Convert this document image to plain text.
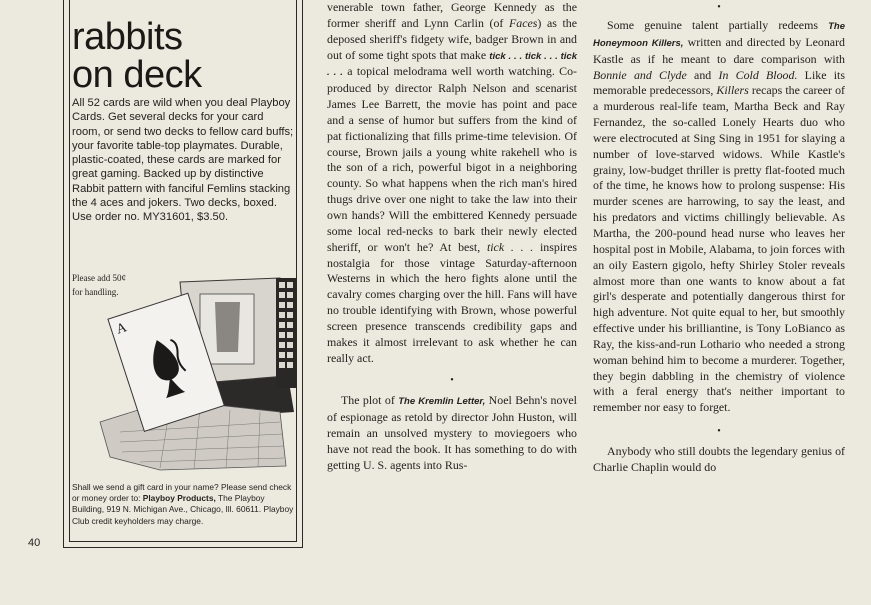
rabbits
on deck
All 52 cards are wild when you deal Playboy Cards. Get several decks for your card room, or send two decks to fellow card buffs; your favorite table-top playmates. Durable, plastic-coated, these cards are marked for great gaming. Backed up by distinctive Rabbit pattern with fanciful Femlins stacking the 4 aces and jokers. Two decks, boxed. Use order no. MY31601, $3.50.
Please add 50¢
for handling.
Shall we send a gift card in your name? Please send check or money order to: Playboy Products, The Playboy Building, 919 N. Michigan Ave., Chicago, Ill. 60611. Playboy Club credit keyholders may charge.
A
40

venerable town father, George Kennedy as the former sheriff and Lynn Carlin (of Faces) as the deposed sheriff's fidgety wife, badger Brown in and out of some tight spots that make tick . . . tick . . . tick . . . a topical melodrama well worth watching. Co-produced by director Ralph Nelson and scenarist James Lee Barrett, the movie has point and pace and a sense of humor but suffers from the kind of pat fictionalizing that fills prime-time television. Of course, Brown jails a young white rakehell who is the son of a rich, powerful bigot in a neighboring county. So what happens when the rich man's hired thugs drive over one night to take the law into their own hands? Will the embittered Kennedy persuade some local red-necks to bark their newly elected sheriff, or won't he? At best, tick . . . inspires nostalgia for those vintage Saturday-afternoon Westerns in which the hero fights alone until the cavalry comes charging over the hill. Fans will have no trouble identifying with Brown, whose powerful screen presence transcends credibility gaps and makes it almost irrelevant to ask whether he can really act.

•

The plot of The Kremlin Letter, Noel Behn's novel of espionage as retold by director John Huston, will remain an unsolved mystery to moviegoers who have not read the book. It has something to do with getting U. S. agents into Rus-

•

Some genuine talent partially redeems The Honeymoon Killers, written and directed by Leonard Kastle as if he meant to dare comparison with Bonnie and Clyde and In Cold Blood. Like its memorable predecessors, Killers recaps the career of a murderous real-life team, Martha Beck and Ray Fernandez, the so-called Lonely Hearts duo who were electrocuted at Sing Sing in 1951 for slaying a number of love-starved widows. While Kastle's grainy, low-budget thriller is pretty flat-footed much of the time, he knows how to prolong suspense: His murder scenes are harrowing, to say the least, and his predators and victims chillingly believable. As Martha, the 200-pound head nurse who leaves her hospital post in Mobile, Alabama, to join forces with an oily Eastern gigolo, hefty Shirley Stoler reveals almost more than one wants to know about a fat girl's desperate and potentially dangerous thirst for high adventure. Not quite equal to her, but smoothly effective under his brilliantine, is Tony LoBianco as Ray, the kiss-and-run Lothario who needed a strong woman behind him to become a murderer. Together, they begin dabbling in the chemistry of violence with a feral energy that's neither important to remember nor easy to forget.

•

Anybody who still doubts the legendary genius of Charlie Chaplin would do
